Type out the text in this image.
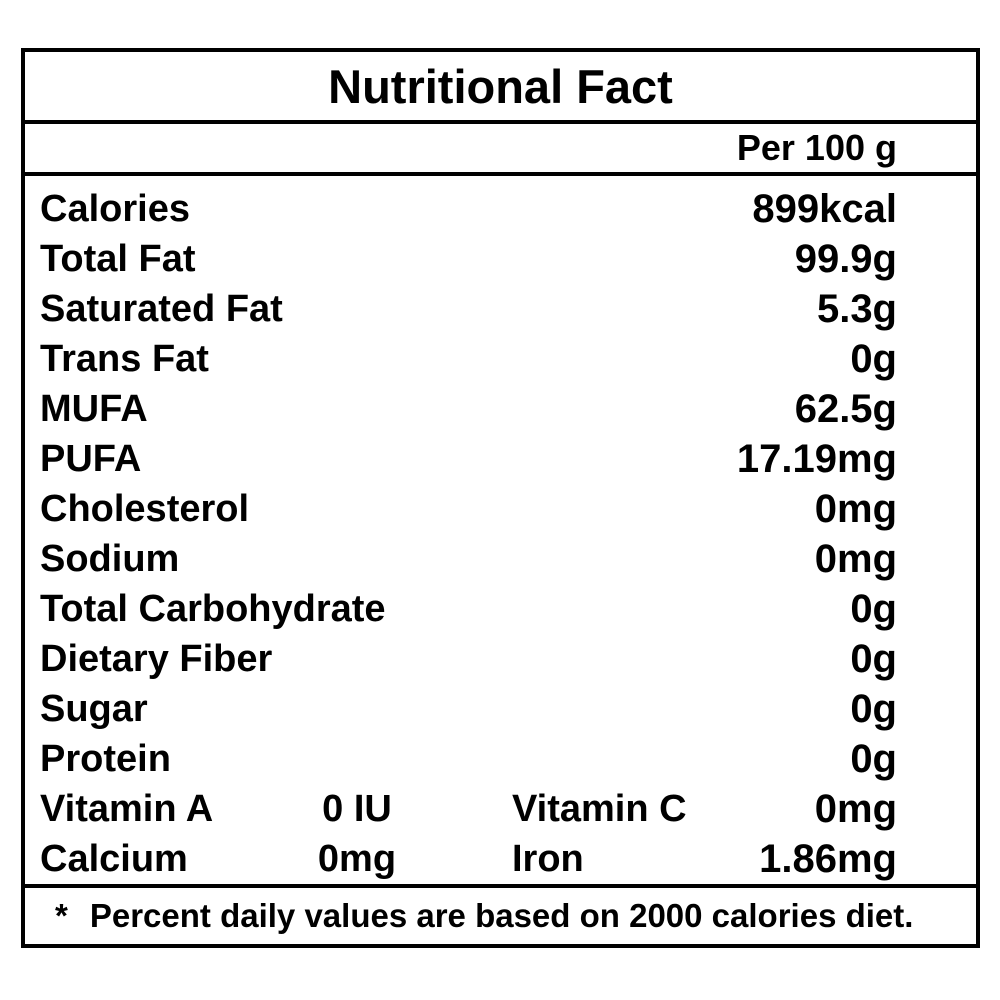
Nutritional Fact
Per 100 g
Calories	899kcal
Total Fat	99.9g
Saturated Fat	5.3g
Trans Fat	0g
MUFA	62.5g
PUFA	17.19mg
Cholesterol	0mg
Sodium	0mg
Total Carbohydrate	0g
Dietary Fiber	0g
Sugar	0g
Protein	0g
Vitamin A	0 IU	Vitamin C	0mg
Calcium	0mg	Iron	1.86mg
* Percent daily values are based on 2000 calories diet.
